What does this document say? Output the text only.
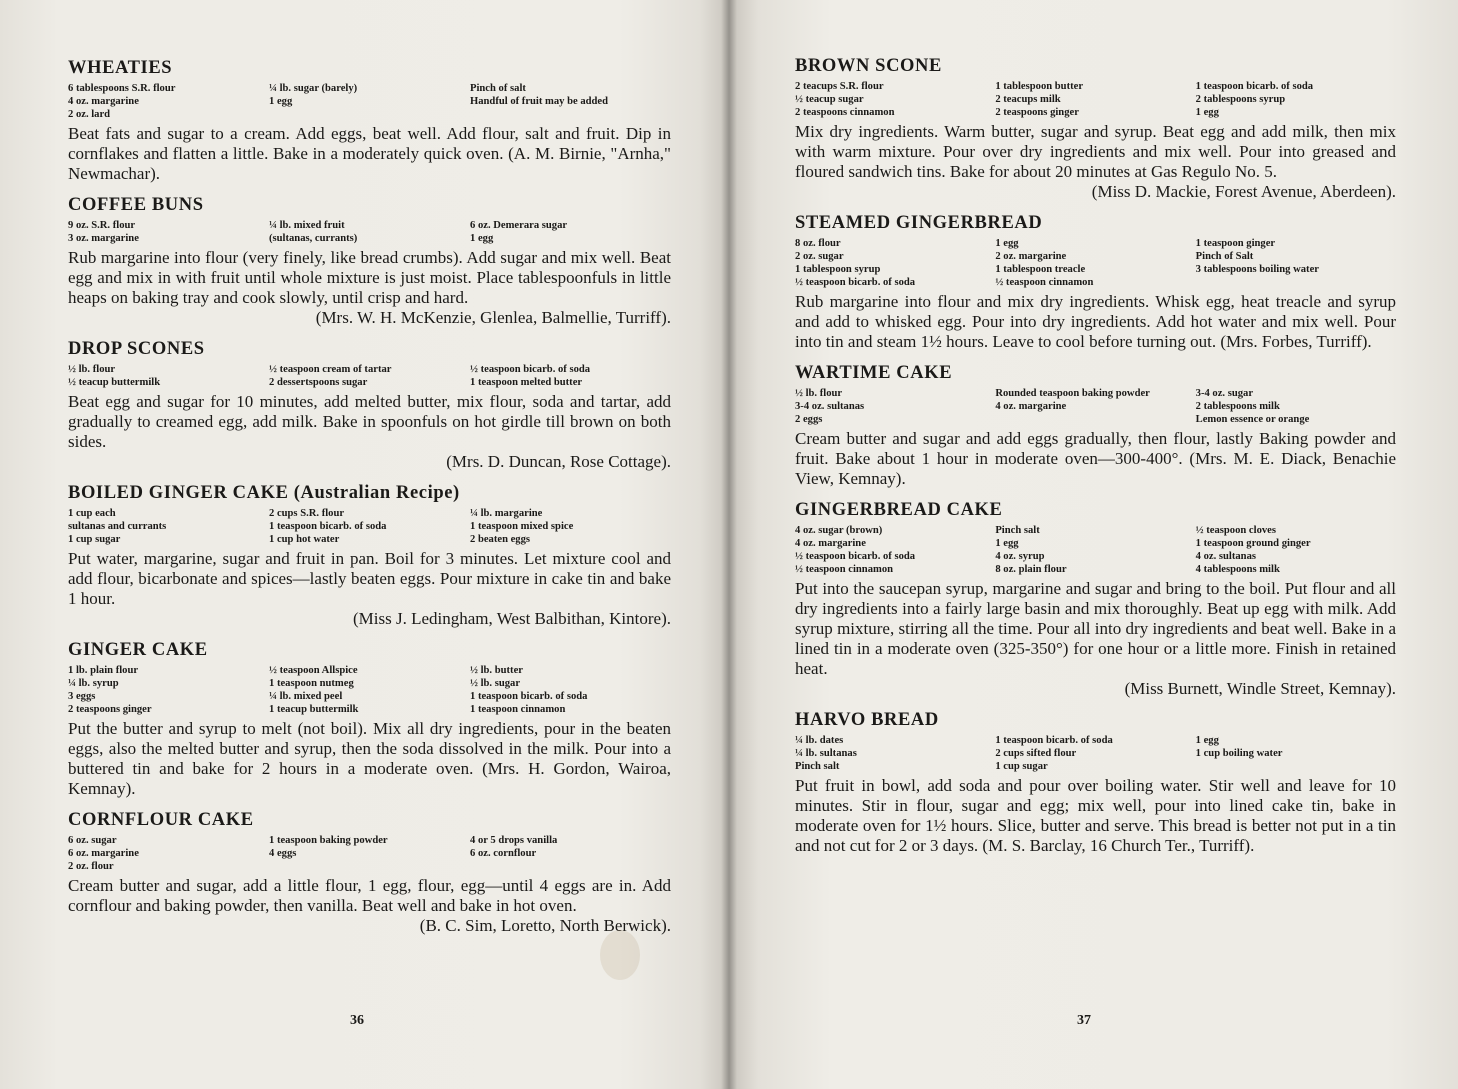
WHEATIES
6 tablespoons S.R. flour
4 oz. margarine
2 oz. lard
¼ lb. sugar (barely)
1 egg
Pinch of salt
Handful of fruit may be added

Beat fats and sugar to a cream. Add eggs, beat well. Add flour, salt and fruit. Dip in cornflakes and flatten a little. Bake in a moderately quick oven. (A. M. Birnie, "Arnha," Newmachar).

COFFEE BUNS
9 oz. S.R. flour
3 oz. margarine
¼ lb. mixed fruit
(sultanas, currants)
6 oz. Demerara sugar
1 egg

Rub margarine into flour (very finely, like bread crumbs). Add sugar and mix well. Beat egg and mix in with fruit until whole mixture is just moist. Place tablespoonfuls in little heaps on baking tray and cook slowly, until crisp and hard.

(Mrs. W. H. McKenzie, Glenlea, Balmellie, Turriff).

DROP SCONES
½ lb. flour
½ teacup buttermilk
½ teaspoon cream of tartar
2 dessertspoons sugar
½ teaspoon bicarb. of soda
1 teaspoon melted butter

Beat egg and sugar for 10 minutes, add melted butter, mix flour, soda and tartar, add gradually to creamed egg, add milk. Bake in spoonfuls on hot girdle till brown on both sides.

(Mrs. D. Duncan, Rose Cottage).

BOILED GINGER CAKE (Australian Recipe)
1 cup each
sultanas and currants
1 cup sugar
2 cups S.R. flour
1 teaspoon bicarb. of soda
1 cup hot water
¼ lb. margarine
1 teaspoon mixed spice
2 beaten eggs

Put water, margarine, sugar and fruit in pan. Boil for 3 minutes. Let mixture cool and add flour, bicarbonate and spices—lastly beaten eggs. Pour mixture in cake tin and bake 1 hour.

(Miss J. Ledingham, West Balbithan, Kintore).

GINGER CAKE
1 lb. plain flour
¼ lb. syrup
3 eggs
2 teaspoons ginger
½ teaspoon Allspice
1 teaspoon nutmeg
¼ lb. mixed peel
1 teacup buttermilk
½ lb. butter
½ lb. sugar
1 teaspoon bicarb. of soda
1 teaspoon cinnamon

Put the butter and syrup to melt (not boil). Mix all dry ingredients, pour in the beaten eggs, also the melted butter and syrup, then the soda dissolved in the milk. Pour into a buttered tin and bake for 2 hours in a moderate oven. (Mrs. H. Gordon, Wairoa, Kemnay).

CORNFLOUR CAKE
6 oz. sugar
6 oz. margarine
2 oz. flour
1 teaspoon baking powder
4 eggs
4 or 5 drops vanilla
6 oz. cornflour

Cream butter and sugar, add a little flour, 1 egg, flour, egg—until 4 eggs are in. Add cornflour and baking powder, then vanilla. Beat well and bake in hot oven.

(B. C. Sim, Loretto, North Berwick).

36
BROWN SCONE
2 teacups S.R. flour
½ teacup sugar
2 teaspoons cinnamon
1 tablespoon butter
2 teacups milk
2 teaspoons ginger
1 teaspoon bicarb. of soda
2 tablespoons syrup
1 egg

Mix dry ingredients. Warm butter, sugar and syrup. Beat egg and add milk, then mix with warm mixture. Pour over dry ingredients and mix well. Pour into greased and floured sandwich tins. Bake for about 20 minutes at Gas Regulo No. 5.

(Miss D. Mackie, Forest Avenue, Aberdeen).

STEAMED GINGERBREAD
8 oz. flour
2 oz. sugar
1 tablespoon syrup
½ teaspoon bicarb. of soda
1 egg
2 oz. margarine
1 tablespoon treacle
½ teaspoon cinnamon
1 teaspoon ginger
Pinch of Salt
3 tablespoons boiling water

Rub margarine into flour and mix dry ingredients. Whisk egg, heat treacle and syrup and add to whisked egg. Pour into dry ingredients. Add hot water and mix well. Pour into tin and steam 1½ hours. Leave to cool before turning out. (Mrs. Forbes, Turriff).

WARTIME CAKE
½ lb. flour
3-4 oz. sultanas
2 eggs
Rounded teaspoon baking powder
4 oz. margarine
3-4 oz. sugar
2 tablespoons milk
Lemon essence or orange

Cream butter and sugar and add eggs gradually, then flour, lastly Baking powder and fruit. Bake about 1 hour in moderate oven—300-400°. (Mrs. M. E. Diack, Benachie View, Kemnay).

GINGERBREAD CAKE
4 oz. sugar (brown)
4 oz. margarine
½ teaspoon bicarb. of soda
½ teaspoon cinnamon
Pinch salt
1 egg
4 oz. syrup
8 oz. plain flour
½ teaspoon cloves
1 teaspoon ground ginger
4 oz. sultanas
4 tablespoons milk

Put into the saucepan syrup, margarine and sugar and bring to the boil. Put flour and all dry ingredients into a fairly large basin and mix thoroughly. Beat up egg with milk. Add syrup mixture, stirring all the time. Pour all into dry ingredients and beat well. Bake in a lined tin in a moderate oven (325-350°) for one hour or a little more. Finish in retained heat.

(Miss Burnett, Windle Street, Kemnay).

HARVO BREAD
¼ lb. dates
¼ lb. sultanas
Pinch salt
1 teaspoon bicarb. of soda
2 cups sifted flour
1 cup sugar
1 egg
1 cup boiling water

Put fruit in bowl, add soda and pour over boiling water. Stir well and leave for 10 minutes. Stir in flour, sugar and egg; mix well, pour into lined cake tin, bake in moderate oven for 1½ hours. Slice, butter and serve. This bread is better not put in a tin and not cut for 2 or 3 days. (M. S. Barclay, 16 Church Ter., Turriff).

37
